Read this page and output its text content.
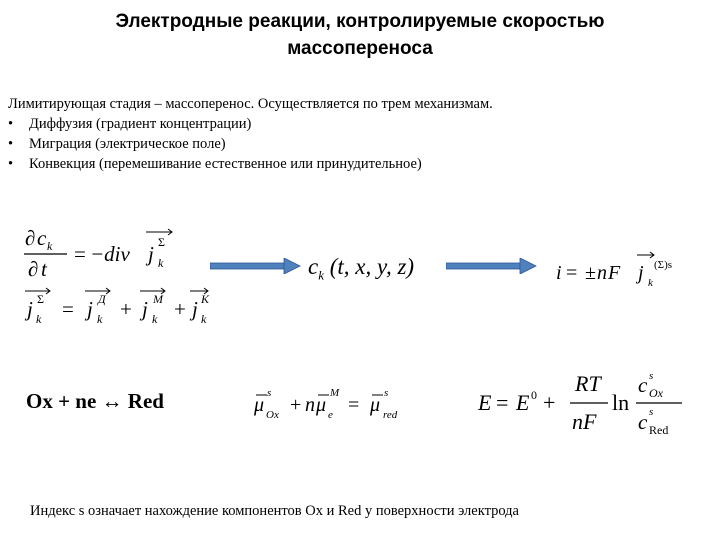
Электродные реакции, контролируемые скоростью
массопереноса
Лимитирующая стадия – массоперенос. Осуществляется по трем механизмам.
• Диффузия (градиент концентрации)
• Миграция (электрическое поле)
• Конвекция (перемешивание естественное или принудительное)
∂ c k
∂ t
= −div j k
Σ
j k
Σ = j k
Д + j k
M + j k
K
$c_k$ (t, x, y, z)	i = ± n F j k
(Σ)s
Ox + ne ↔ Red	μ
s
Ox + n μ
M
e = μ
s
red	E = E 0 +
RT
nF
ln
c s
Ox
c s
Red
Индекс s означает нахождение компонентов Ox и Red у поверхности электрода
